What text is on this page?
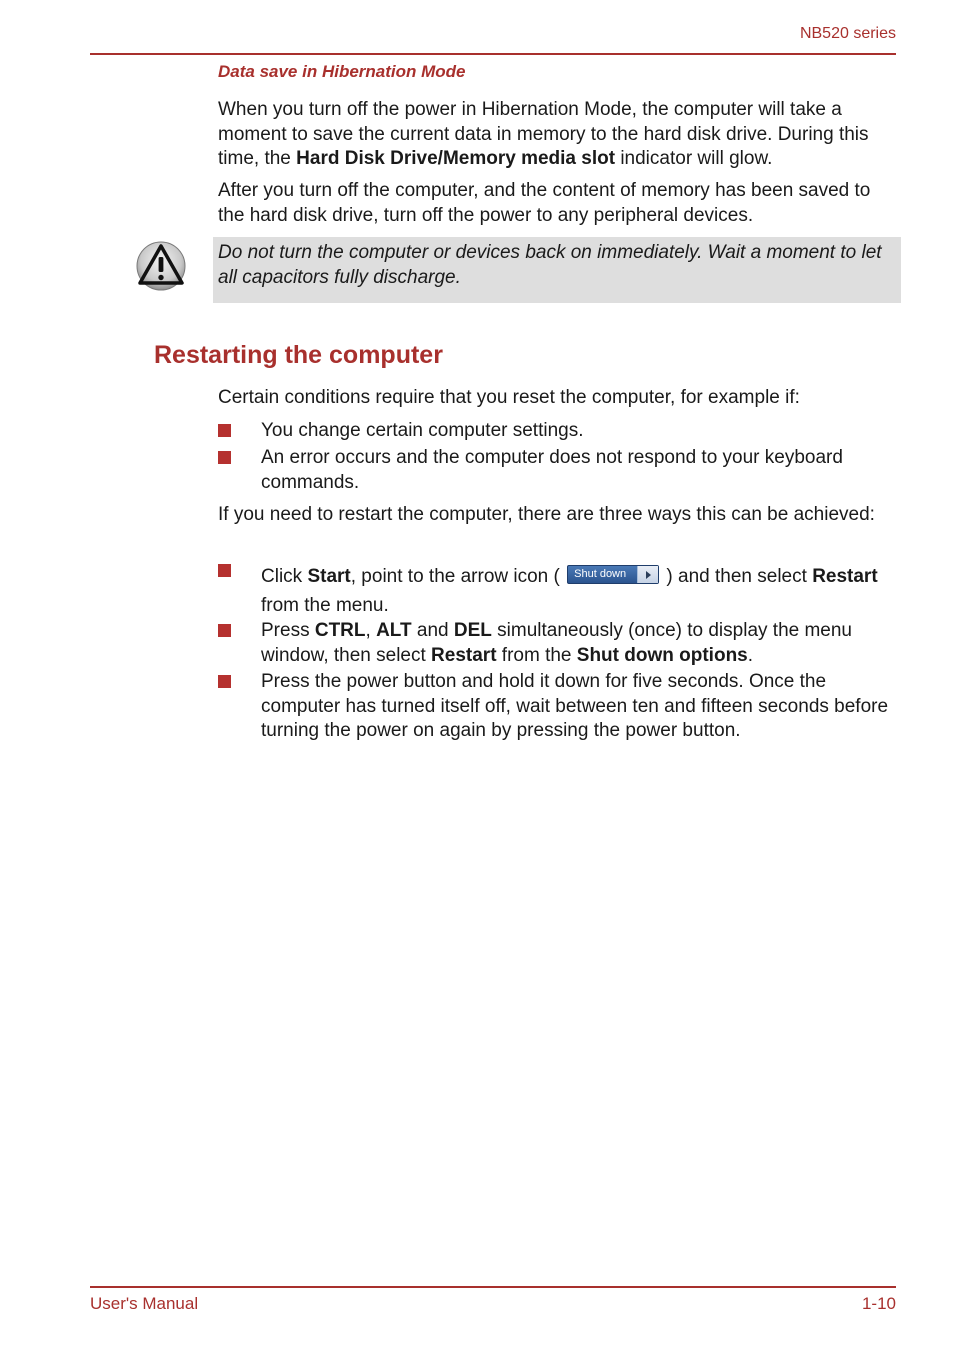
NB520 series
Data save in Hibernation Mode

When you turn off the power in Hibernation Mode, the computer will take a moment to save the current data in memory to the hard disk drive. During this time, the Hard Disk Drive/Memory media slot indicator will glow.

After you turn off the computer, and the content of memory has been saved to the hard disk drive, turn off the power to any peripheral devices.

Do not turn the computer or devices back on immediately. Wait a moment to let all capacitors fully discharge.

Restarting the computer

Certain conditions require that you reset the computer, for example if:

You change certain computer settings.

An error occurs and the computer does not respond to your keyboard commands.

If you need to restart the computer, there are three ways this can be achieved:

Click Start, point to the arrow icon ( Shut down	) and then select Restart from the menu.

Press CTRL, ALT and DEL simultaneously (once) to display the menu window, then select Restart from the Shut down options.

Press the power button and hold it down for five seconds. Once the computer has turned itself off, wait between ten and fifteen seconds before turning the power on again by pressing the power button.

User's Manual	1-10
